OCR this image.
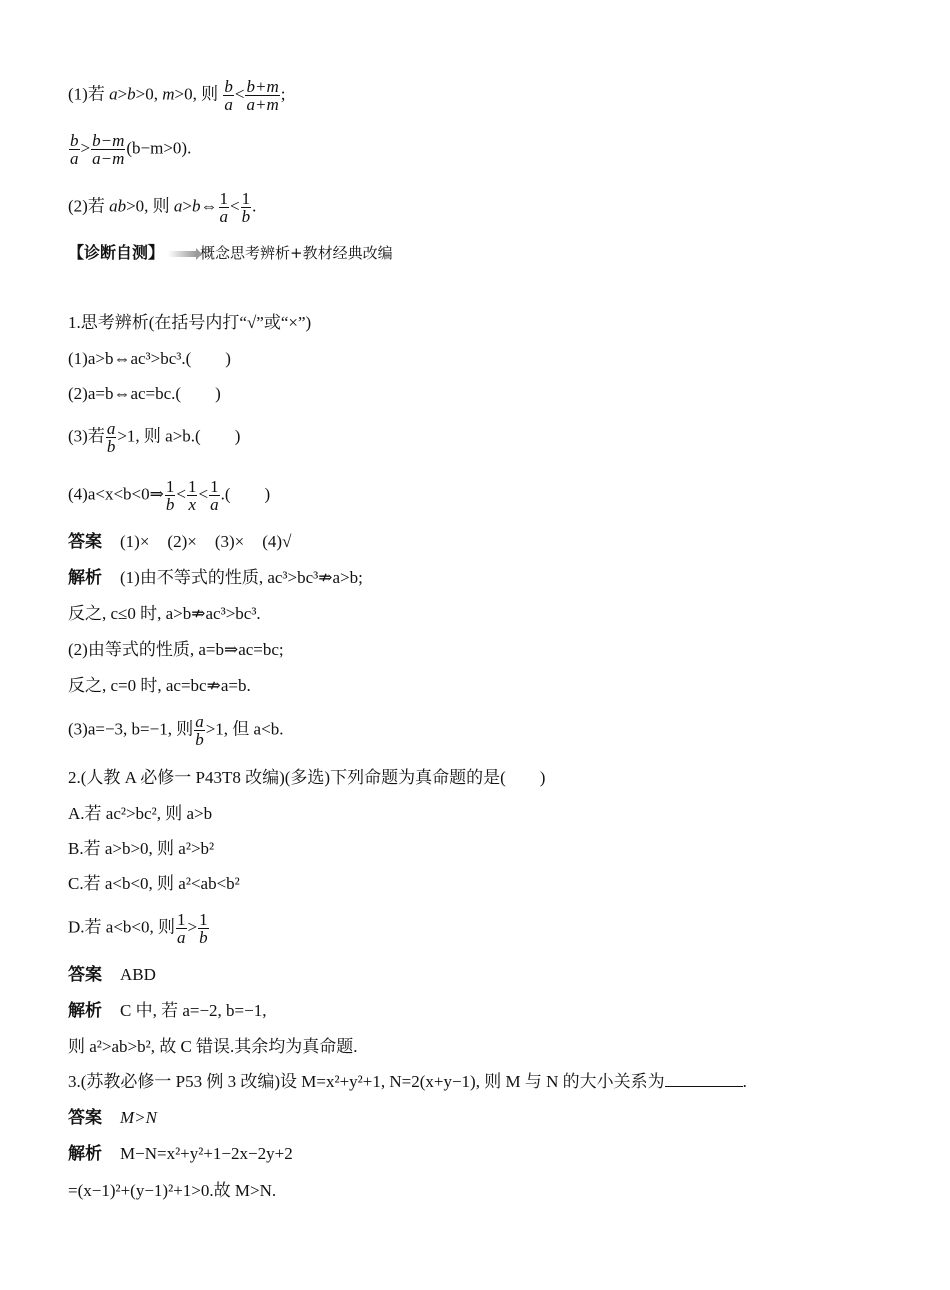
(1)若 a>b>0, m>0, 则 $\frac{b}{a} < \frac{b+m}{a+m}$ ;
$\frac{b}{a} > \frac{b-m}{a-m} (b-m>0)$.
(2)若 ab>0, 则 a>b⇔ $\frac{1}{a} < \frac{1}{b}$ .
【诊断自测】 概念思考辨析+教材经典改编
1.思考辨析(在括号内打“√”或“×”)
(1)a>b⇔ac³>bc³.(　　)
(2)a=b⇔ac=bc.(　　)
(3)若 $\frac{a}{b} >1$, 则 a>b.(　　)
(4)a<x<b<0⇒ $\frac{1}{b} < \frac{1}{x} < \frac{1}{a}$ .(　　)
答案 (1)× (2)× (3)× (4)√
解析 (1)由不等式的性质, ac³>bc³⇏a>b;
反之, c≤0 时, a>b⇏ac³>bc³.
(2)由等式的性质, a=b⇒ac=bc;
反之, c=0 时, ac=bc⇏a=b.
(3)a=−3, b=−1, 则 $\frac{a}{b} >1$, 但 a<b.
2.(人教 A 必修一 P43T8 改编)(多选)下列命题为真命题的是(　　)
A.若 ac²>bc², 则 a>b
B.若 a>b>0, 则 a²>b²
C.若 a<b<0, 则 a²<ab<b²
D.若 a<b<0, 则 $\frac{1}{a} > \frac{1}{b}$
答案 ABD
解析 C 中, 若 a=−2, b=−1,
则 a²>ab>b², 故 C 错误.其余均为真命题.
3.(苏教必修一 P53 例 3 改编)设 M=x²+y²+1, N=2(x+y−1), 则 M 与 N 的大小关系为	.
答案 M>N
解析 M−N=x²+y²+1−2x−2y+2
=(x−1)²+(y−1)²+1>0.故 M>N.
